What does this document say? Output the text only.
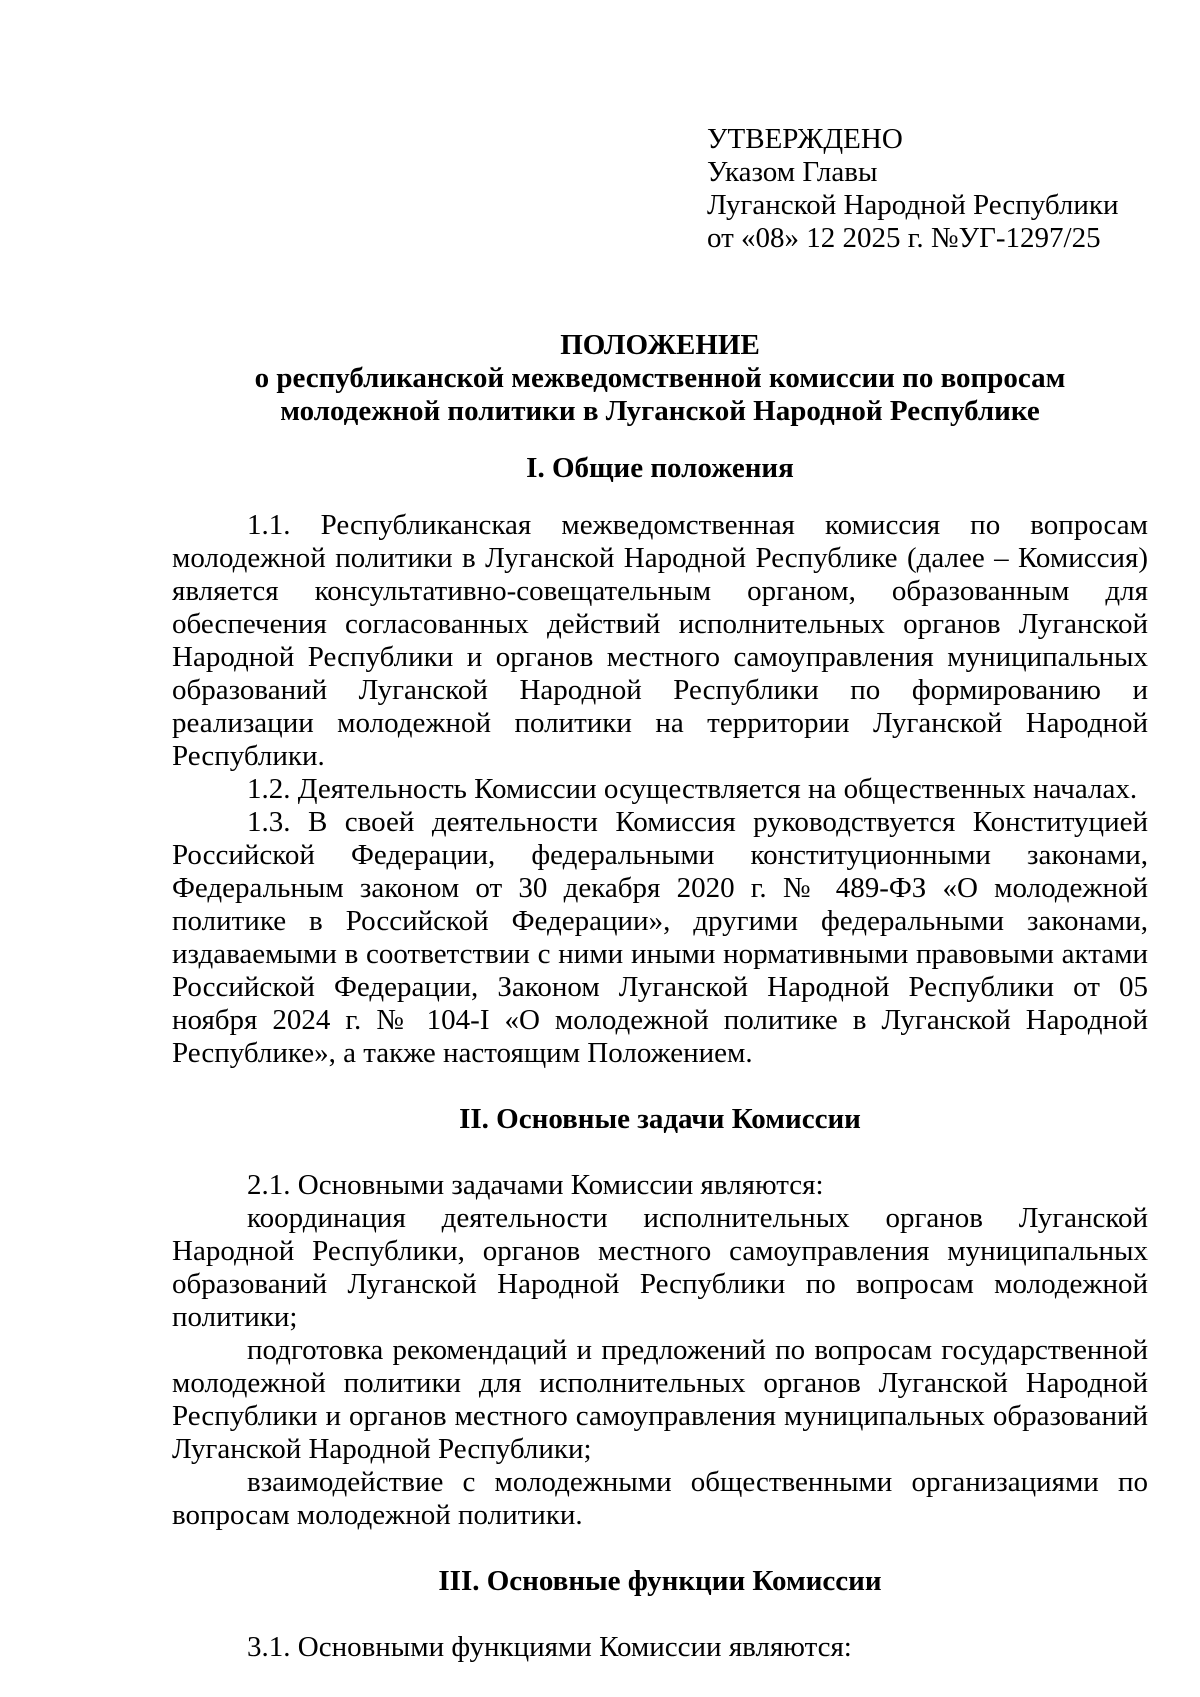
УТВЕРЖДЕНО
Указом Главы
Луганской Народной Республики
от «08» 12 2025 г. №УГ-1297/25
ПОЛОЖЕНИЕ
о республиканской межведомственной комиссии по вопросам молодежной политики в Луганской Народной Республике
I. Общие положения

1.1. Республиканская межведомственная комиссия по вопросам молодежной политики в Луганской Народной Республике (далее – Комиссия) является консультативно-совещательным органом, образованным для обеспечения согласованных действий исполнительных органов Луганской Народной Республики и органов местного самоуправления муниципальных образований Луганской Народной Республики по формированию и реализации молодежной политики на территории Луганской Народной Республики.

1.2. Деятельность Комиссии осуществляется на общественных началах.

1.3. В своей деятельности Комиссия руководствуется Конституцией Российской Федерации, федеральными конституционными законами, Федеральным законом от 30 декабря 2020 г. № 489-ФЗ «О молодежной политике в Российской Федерации», другими федеральными законами, издаваемыми в соответствии с ними иными нормативными правовыми актами Российской Федерации, Законом Луганской Народной Республики от 05 ноября 2024 г. № 104-I «О молодежной политике в Луганской Народной Республике», а также настоящим Положением.

II. Основные задачи Комиссии

2.1. Основными задачами Комиссии являются:

координация деятельности исполнительных органов Луганской Народной Республики, органов местного самоуправления муниципальных образований Луганской Народной Республики по вопросам молодежной политики;

подготовка рекомендаций и предложений по вопросам государственной молодежной политики для исполнительных органов Луганской Народной Республики и органов местного самоуправления муниципальных образований Луганской Народной Республики;

взаимодействие с молодежными общественными организациями по вопросам молодежной политики.

III. Основные функции Комиссии

3.1. Основными функциями Комиссии являются:
